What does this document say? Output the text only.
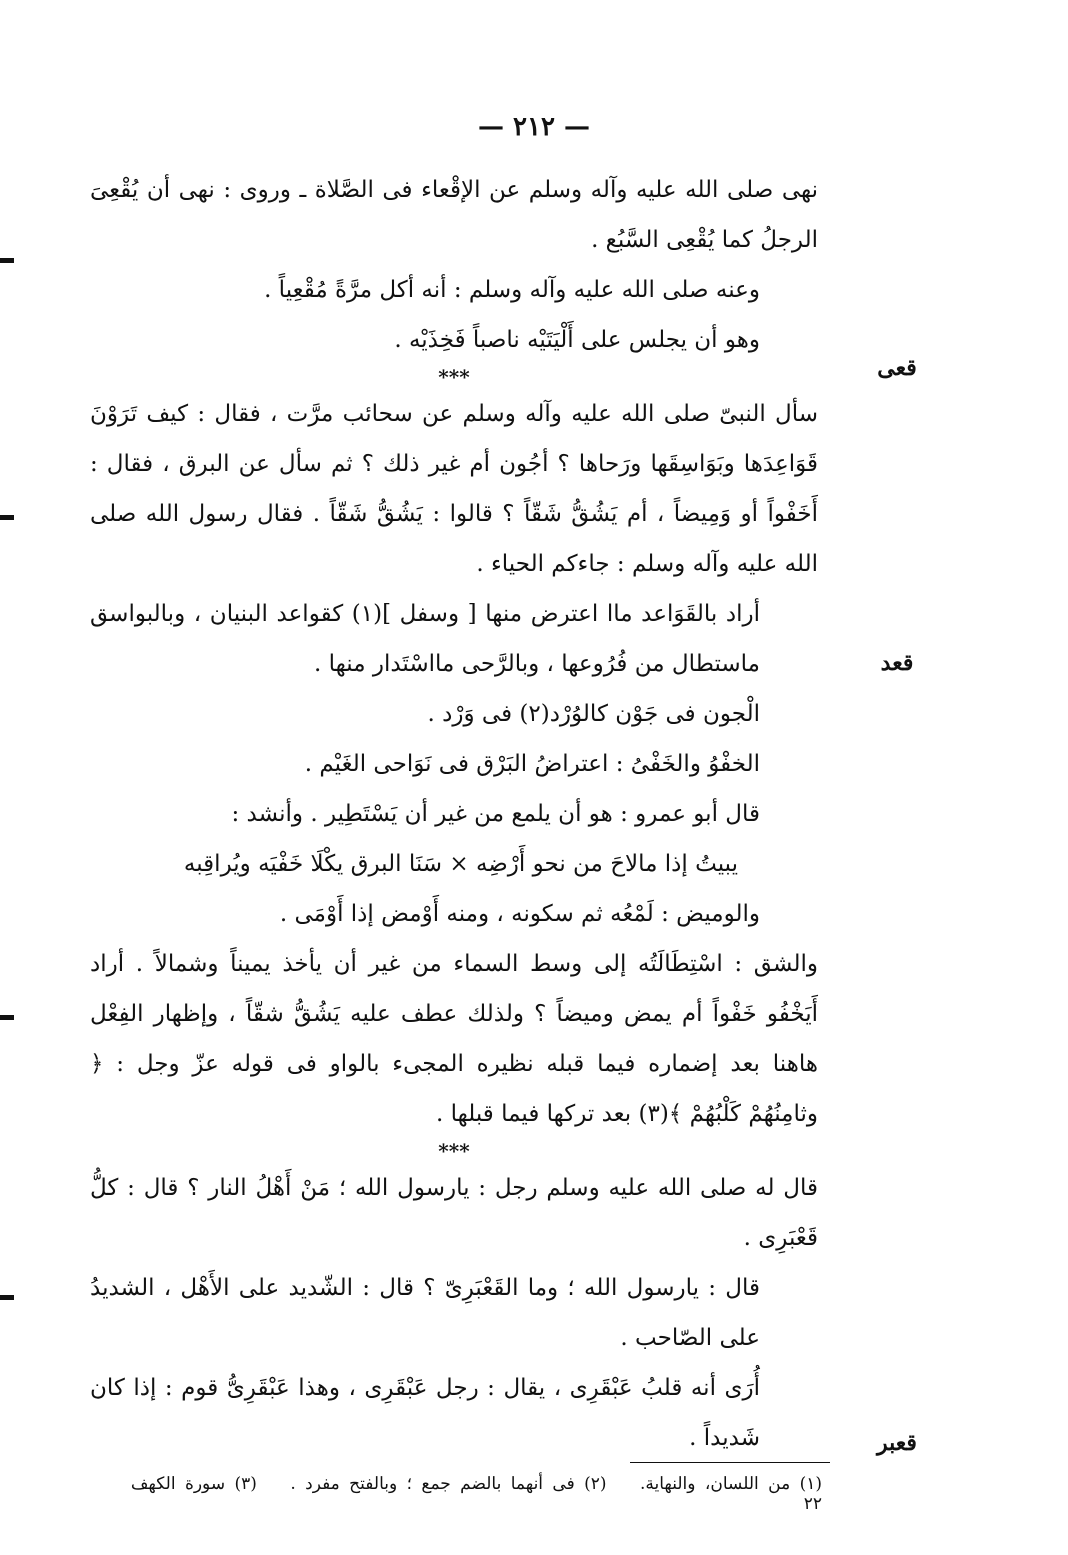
— ٢١٢ —
قعى
قعد
قعبر

نهى صلى الله عليه وآله وسلم عن الإقْعاء فى الصَّلاة ـ وروى : نهى أن يُقْعِىَ الرجلُ كما يُقْعِى السَّبُع .

وعنه صلى الله عليه وآله وسلم : أنه أكل مرَّةً مُقْعِياً .

وهو أن يجلس على أَلْيَتَيْه ناصباً فَخِذَيْه .

***

سأل النبىّ صلى الله عليه وآله وسلم عن سحائب مرَّت ، فقال : كيف تَرَوْنَ قَوَاعِدَها وبَوَاسِقَها ورَحاها ؟ أجُون أم غير ذلك ؟ ثم سأل عن البرق ، فقال : أَخَفْواً أو وَمِيضاً ، أم يَشُقُّ شَقّاً ؟ قالوا : يَشُقُّ شَقّاً . فقال رسول الله صلى الله عليه وآله وسلم : جاءكم الحياء .

أراد بالقَوَاعد ماا اعترض منها [ وسفل ](١) كقواعد البنيان ، وبالبواسق ماستطال من فُرُوعها ، وبالرَّحى مااسْتَدار منها .

الْجون فى جَوْن كالوُرْد(٢) فى وَرْد .

الخفْوُ والخَفْىُ : اعتراضُ البَرْق فى نَوَاحى الغَيْم .

قال أبو عمرو : هو أن يلمع من غير أن يَسْتَطِير . وأنشد :

يبيتُ إذا مالاحَ من نحو أَرْضِه × سَنَا البرق يكْلَا خَفْيَه ويُراقِبه

والوميض : لَمْعُه ثم سكونه ، ومنه أَوْمض إذا أَوْمَى .

والشق : اسْتِطَالَتُه إلى وسط السماء من غير أن يأخذ يميناً وشمالاً . أراد أَيَخْفُو خَفْواً أم يمض وميضاً ؟ ولذلك عطف عليه يَشُقُّ شقّاً ، وإظهار الفِعْل هاهنا بعد إضماره فيما قبله نظيره المجىء بالواو فى قوله عزّ وجل : ﴿ وثامِنُهُمْ كَلْبُهُمْ ﴾(٣) بعد تركها فيما قبلها .

***

قال له صلى الله عليه وسلم رجل : يارسول الله ؛ مَنْ أَهْلُ النار ؟ قال : كلُّ قَعْبَرِى .

قال : يارسول الله ؛ وما القَعْبَرِىّ ؟ قال : الشّديد على الأَهْل ، الشديدُ على الصّاحب .

أُرَى أنه قلبُ عَبْقَرِى ، يقال : رجل عَبْقَرِى ، وهذا عَبْقَرِىُّ قوم : إذا كان شَديداً .

(١) من اللسان، والنهاية. (٢) فى أنهما بالضم جمع ؛ وبالفتح مفرد . (٣) سورة الكهف ٢٢
